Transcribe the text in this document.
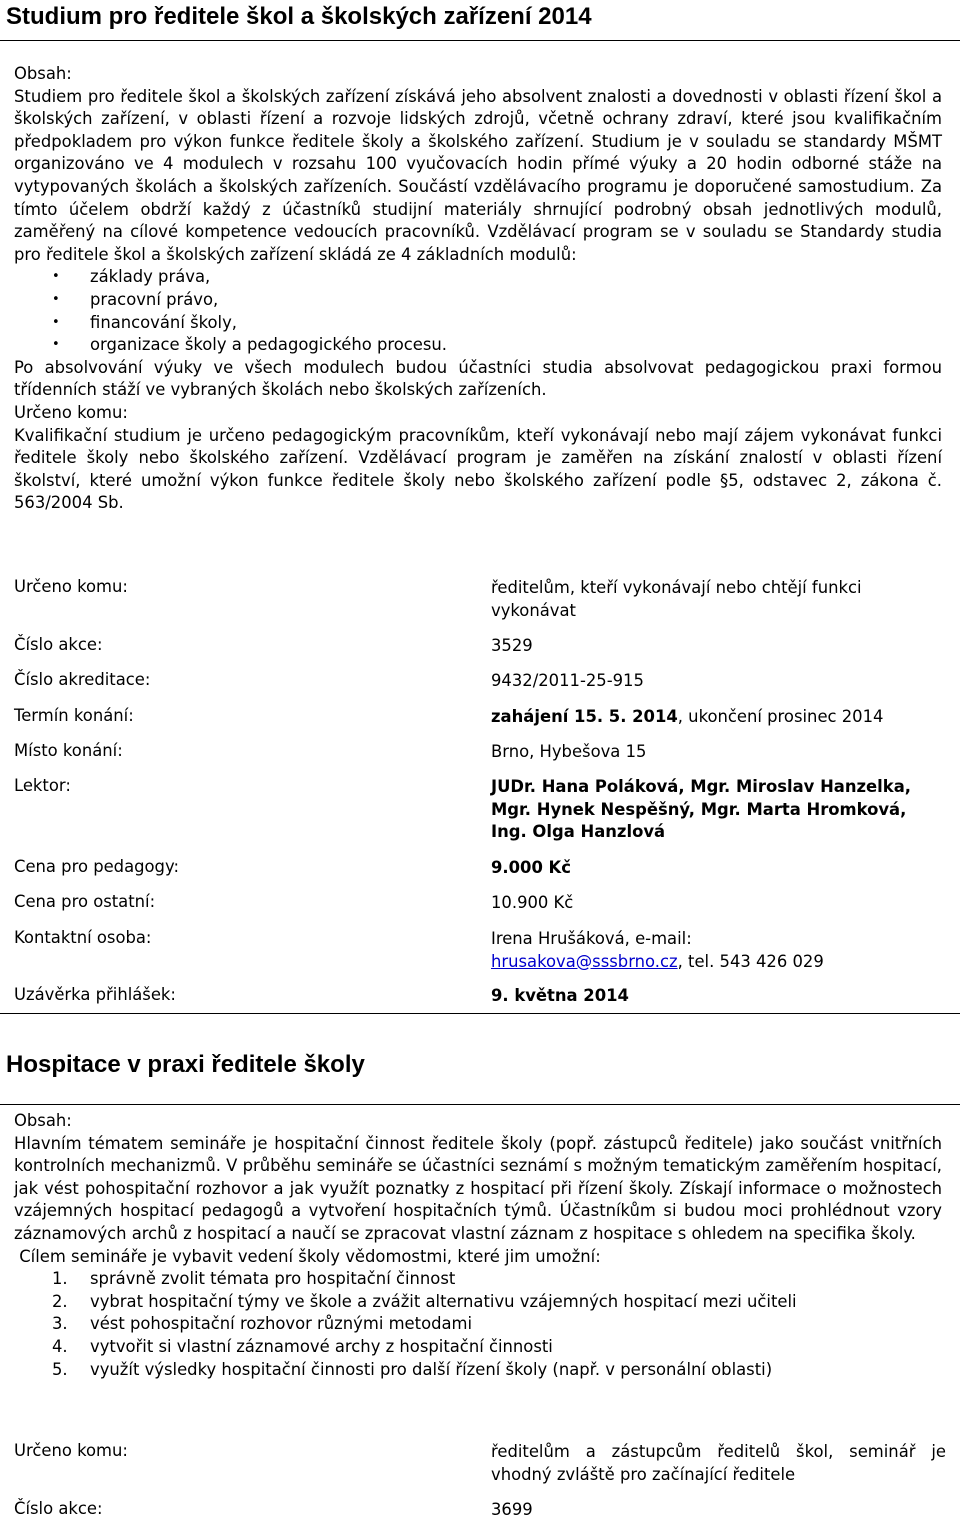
Studium pro ředitele škol a školských zařízení 2014

Obsah:

Studiem pro ředitele škol a školských zařízení získává jeho absolvent znalosti a dovednosti v oblasti řízení škol a školských zařízení, v oblasti řízení a rozvoje lidských zdrojů, včetně ochrany zdraví, které jsou kvalifikačním předpokladem pro výkon funkce ředitele školy a školského zařízení. Studium je v souladu se standardy MŠMT organizováno ve 4 modulech v rozsahu 100 vyučovacích hodin přímé výuky a 20 hodin odborné stáže na vytypovaných školách a školských zařízeních. Součástí vzdělávacího programu je doporučené samostudium. Za tímto účelem obdrží každý z účastníků studijní materiály shrnující podrobný obsah jednotlivých modulů, zaměřený na cílové kompetence vedoucích pracovníků. Vzdělávací program se v souladu se Standardy studia pro ředitele škol a školských zařízení skládá ze 4 základních modulů:

• základy práva,
• pracovní právo,
• financování školy,
• organizace školy a pedagogického procesu.

Po absolvování výuky ve všech modulech budou účastníci studia absolvovat pedagogickou praxi formou třídenních stáží ve vybraných školách nebo školských zařízeních.

Určeno komu:

Kvalifikační studium je určeno pedagogickým pracovníkům, kteří vykonávají nebo mají zájem vykonávat funkci ředitele školy nebo školského zařízení. Vzdělávací program je zaměřen na získání znalostí v oblasti řízení školství, které umožní výkon funkce ředitele školy nebo školského zařízení podle §5, odstavec 2, zákona č. 563/2004 Sb.

Určeno komu:	ředitelům, kteří vykonávají nebo chtějí funkci vykonávat
Číslo akce:	3529
Číslo akreditace:	9432/2011-25-915
Termín konání:	zahájení 15. 5. 2014, ukončení prosinec 2014
Místo konání:	Brno, Hybešova 15
Lektor:	JUDr. Hana Poláková, Mgr. Miroslav Hanzelka, Mgr. Hynek Nespěšný, Mgr. Marta Hromková, Ing. Olga Hanzlová
Cena pro pedagogy:	9.000 Kč
Cena pro ostatní:	10.900 Kč
Kontaktní osoba:	Irena Hrušáková, e-mail:
hrusakova@sssbrno.cz, tel. 543 426 029
Uzávěrka přihlášek:	9. května 2014
Hospitace v praxi ředitele školy

Obsah:

Hlavním tématem semináře je hospitační činnost ředitele školy (popř. zástupců ředitele) jako součást vnitřních kontrolních mechanizmů. V průběhu semináře se účastníci seznámí s možným tematickým zaměřením hospitací, jak vést pohospitační rozhovor a jak využít poznatky z hospitací při řízení školy. Získají informace o možnostech vzájemných hospitací pedagogů a vytvoření hospitačních týmů. Účastníkům si budou moci prohlédnout vzory záznamových archů z hospitací a naučí se zpracovat vlastní záznam z hospitace s ohledem na specifika školy.

Cílem semináře je vybavit vedení školy vědomostmi, které jim umožní:

1. správně zvolit témata pro hospitační činnost
2. vybrat hospitační týmy ve škole a zvážit alternativu vzájemných hospitací mezi učiteli
3. vést pohospitační rozhovor různými metodami
4. vytvořit si vlastní záznamové archy z hospitační činnosti
5. využít výsledky hospitační činnosti pro další řízení školy (např. v personální oblasti)
Určeno komu:	ředitelům a zástupcům ředitelů škol, seminář je vhodný zvláště pro začínající ředitele
Číslo akce:	3699
